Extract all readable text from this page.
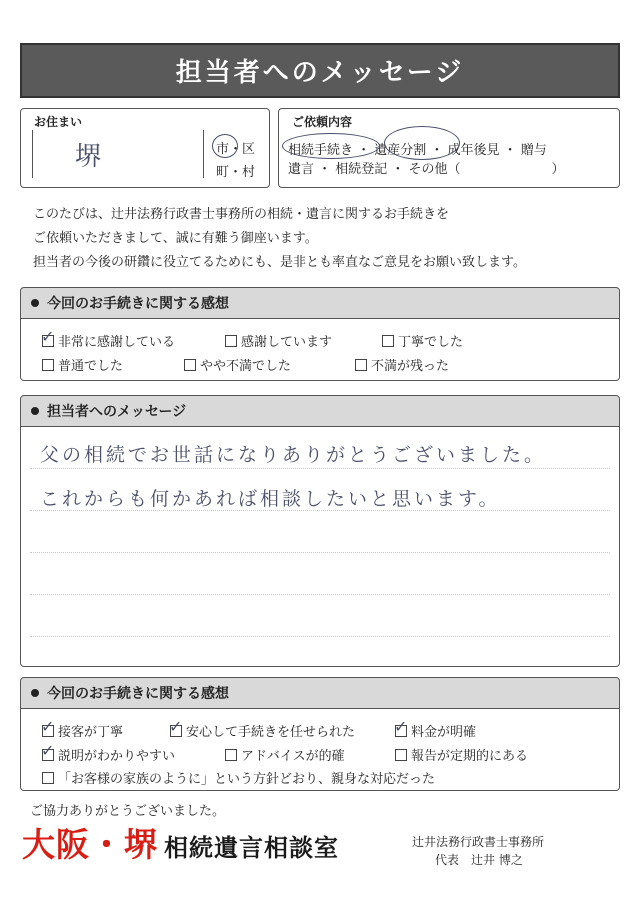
担当者へのメッセージ
お住まい
堺	市・区
町・村
ご依頼内容
相続手続き ・ 遺産分割 ・ 成年後見 ・ 贈与
遺言 ・ 相続登記 ・ その他（　　　　　　　）
このたびは、辻井法務行政書士事務所の相続・遺言に関するお手続きを
ご依頼いただきまして、誠に有難う御座います。
担当者の今後の研鑽に役立てるためにも、是非とも率直なご意見をお願い致します。
今回のお手続きに関する感想
✓ 非常に感謝している	感謝しています	丁寧でした
普通でした	やや不満でした	不満が残った
担当者へのメッセージ
父の相続でお世話になりありがとうございました。
これからも何かあれば相談したいと思います。
今回のお手続きに関する感想
✓ 接客が丁寧	✓ 安心して手続きを任せられた ✓ 料金が明確
✓ 説明がわかりやすい	アドバイスが的確	報告が定期的にある
「お客様の家族のように」という方針どおり、親身な対応だった
ご協力ありがとうございました。
大阪・堺 相続遺言相談室	辻井法務行政書士事務所
代表　辻井 博之
